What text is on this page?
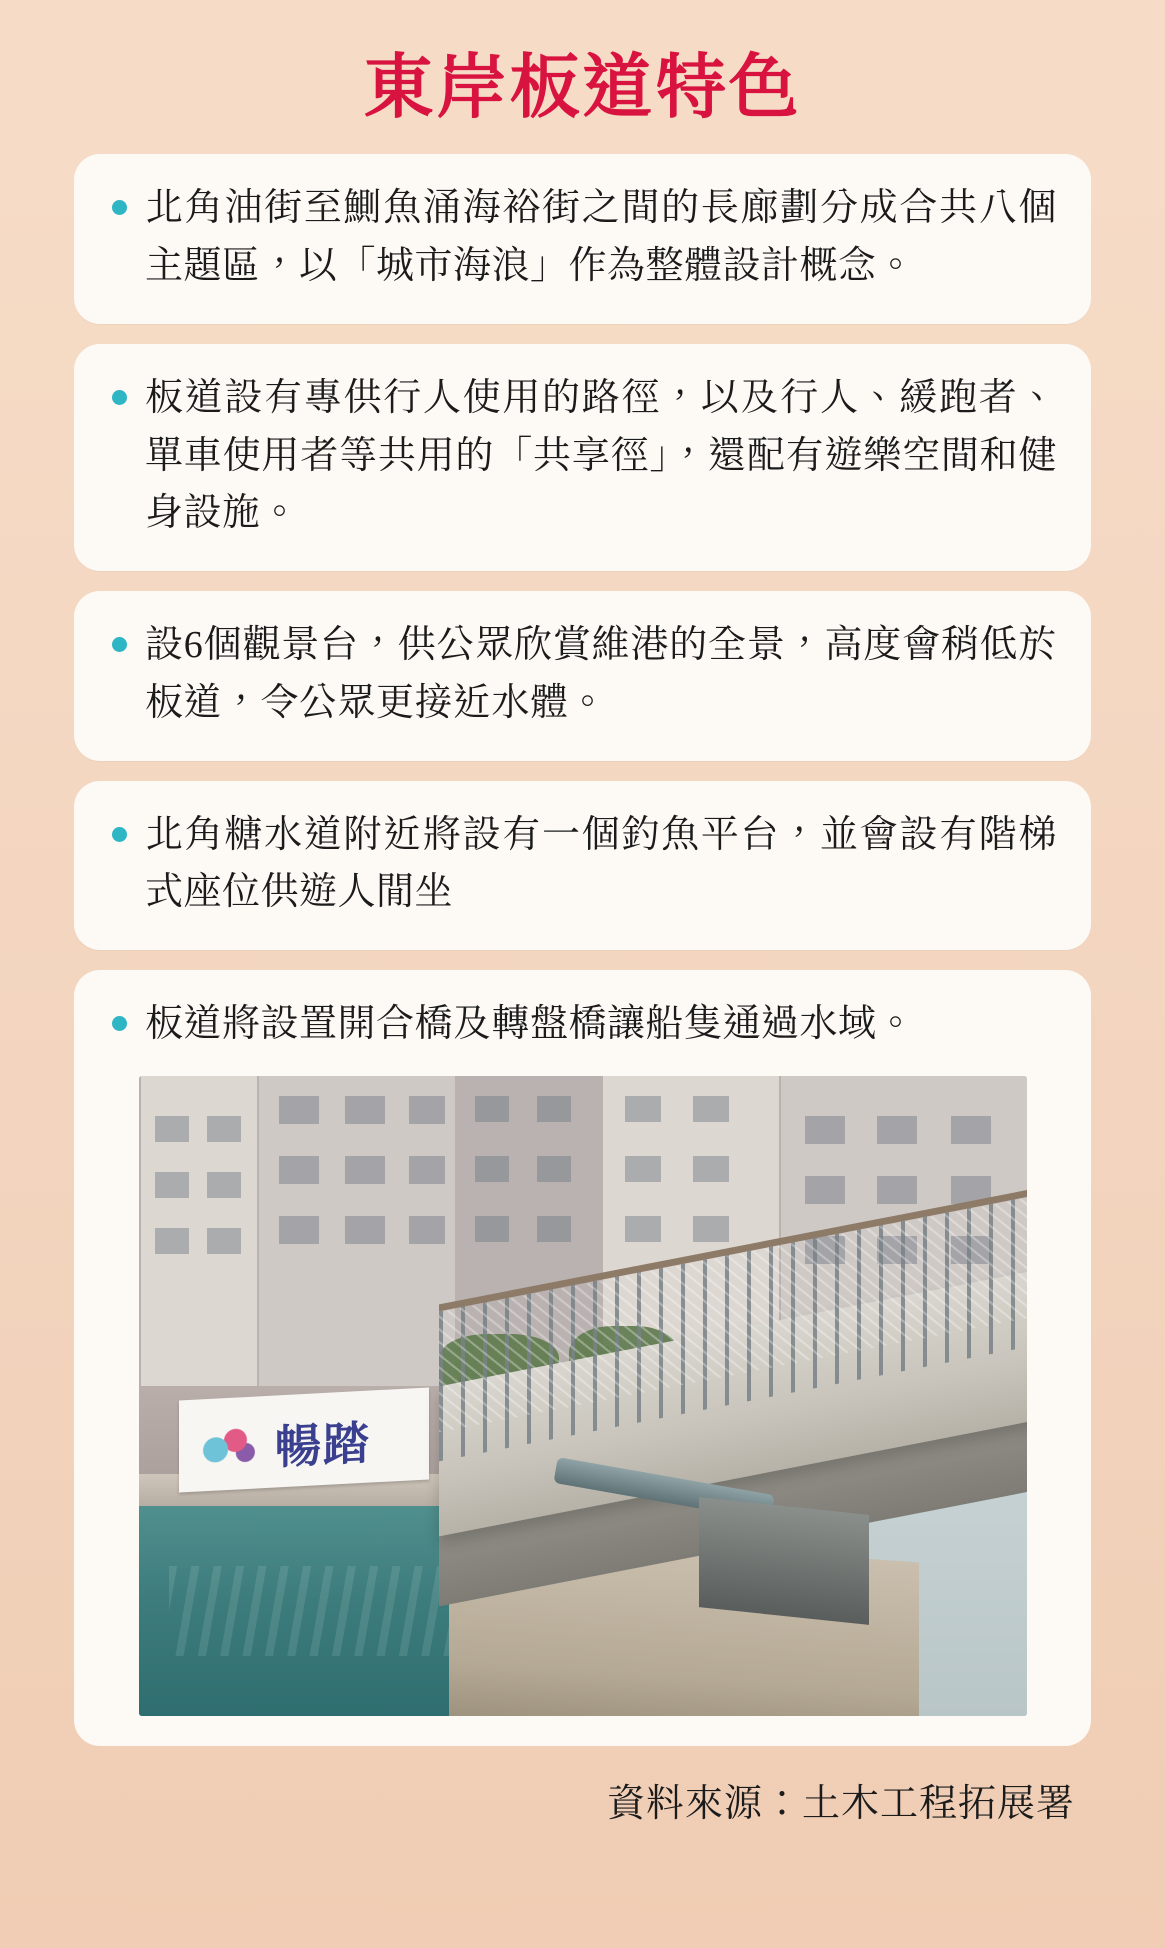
東岸板道特色
北角油街至鰂魚涌海裕街之間的長廊劃分成合共八個主題區，以「城市海浪」作為整體設計概念。
板道設有專供行人使用的路徑，以及行人、緩跑者、單車使用者等共用的「共享徑」，還配有遊樂空間和健身設施。
設6個觀景台，供公眾欣賞維港的全景，高度會稍低於板道，令公眾更接近水體。
北角糖水道附近將設有一個釣魚平台，並會設有階梯式座位供遊人閒坐
板道將設置開合橋及轉盤橋讓船隻通過水域。
暢踏
資料來源：土木工程拓展署
